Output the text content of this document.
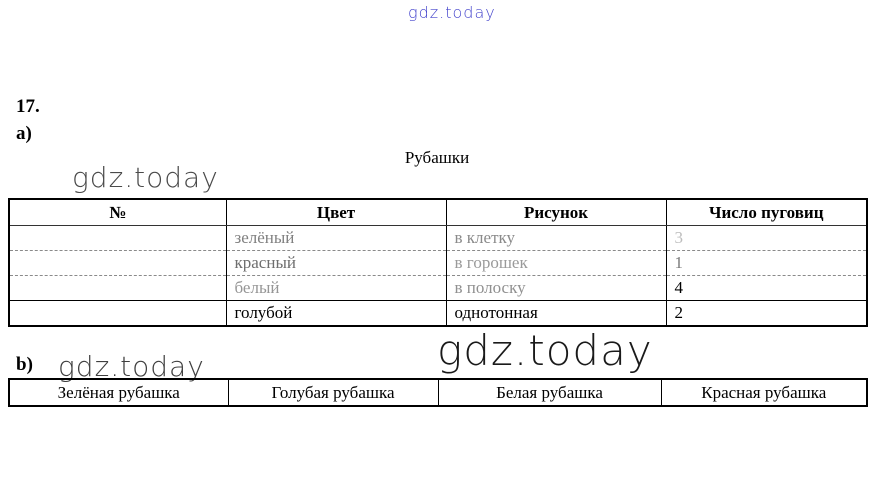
gdz.today
17.
a)
gdz.today
Рубашки
№	Цвет	Рисунок	Число пуговиц
	зелёный	в клетку	3
	красный	в горошек	1
	белый	в полоску	4
	голубой	однотонная	2
gdz.today
b) gdz.today
Зелёная рубашка	Голубая рубашка	Белая рубашка	Красная рубашка
